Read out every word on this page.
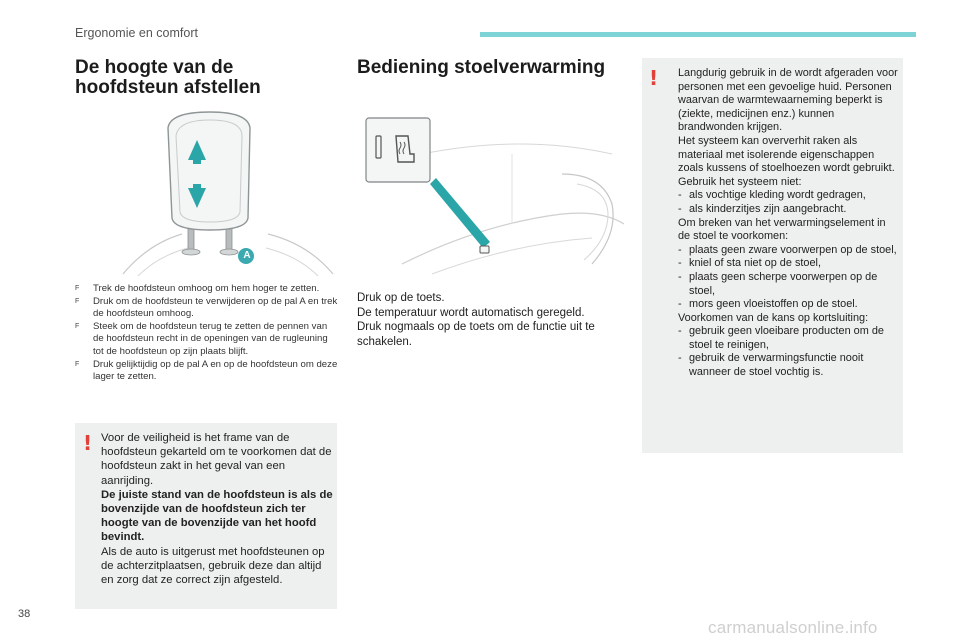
Ergonomie en comfort
De hoogte van de
hoofdsteun afstellen
A
F	Trek de hoofdsteun omhoog om hem hoger te zetten.
F	Druk om de hoofdsteun te verwijderen op de pal A en trek de hoofdsteun omhoog.
F	Steek om de hoofdsteun terug te zetten de pennen van de hoofdsteun recht in de openingen van de rugleuning tot de hoofdsteun op zijn plaats blijft.
F	Druk gelijktijdig op de pal A en op de hoofdsteun om deze lager te zetten.
! Voor de veiligheid is het frame van de hoofdsteun gekarteld om te voorkomen dat de hoofdsteun zakt in het geval van een aanrijding.
De juiste stand van de hoofdsteun is als de bovenzijde van de hoofdsteun zich ter hoogte van de bovenzijde van het hoofd bevindt.
Als de auto is uitgerust met hoofdsteunen op de achterzitplaatsen, gebruik deze dan altijd en zorg dat ze correct zijn afgesteld.
Bediening stoelverwarming
Druk op de toets.
De temperatuur wordt automatisch geregeld.
Druk nogmaals op de toets om de functie uit te schakelen.
! Langdurig gebruik in de wordt afgeraden voor personen met een gevoelige huid. Personen waarvan de warmtewaarneming beperkt is (ziekte, medicijnen enz.) kunnen brandwonden krijgen.
Het systeem kan oververhit raken als materiaal met isolerende eigenschappen zoals kussens of stoelhoezen wordt gebruikt.
Gebruik het systeem niet:
- als vochtige kleding wordt gedragen,
- als kinderzitjes zijn aangebracht.
Om breken van het verwarmingselement in de stoel te voorkomen:
- plaats geen zware voorwerpen op de stoel,
- kniel of sta niet op de stoel,
- plaats geen scherpe voorwerpen op de stoel,
- mors geen vloeistoffen op de stoel.
Voorkomen van de kans op kortsluiting:
- gebruik geen vloeibare producten om de stoel te reinigen,
- gebruik de verwarmingsfunctie nooit wanneer de stoel vochtig is.
38
carmanualsonline.info
